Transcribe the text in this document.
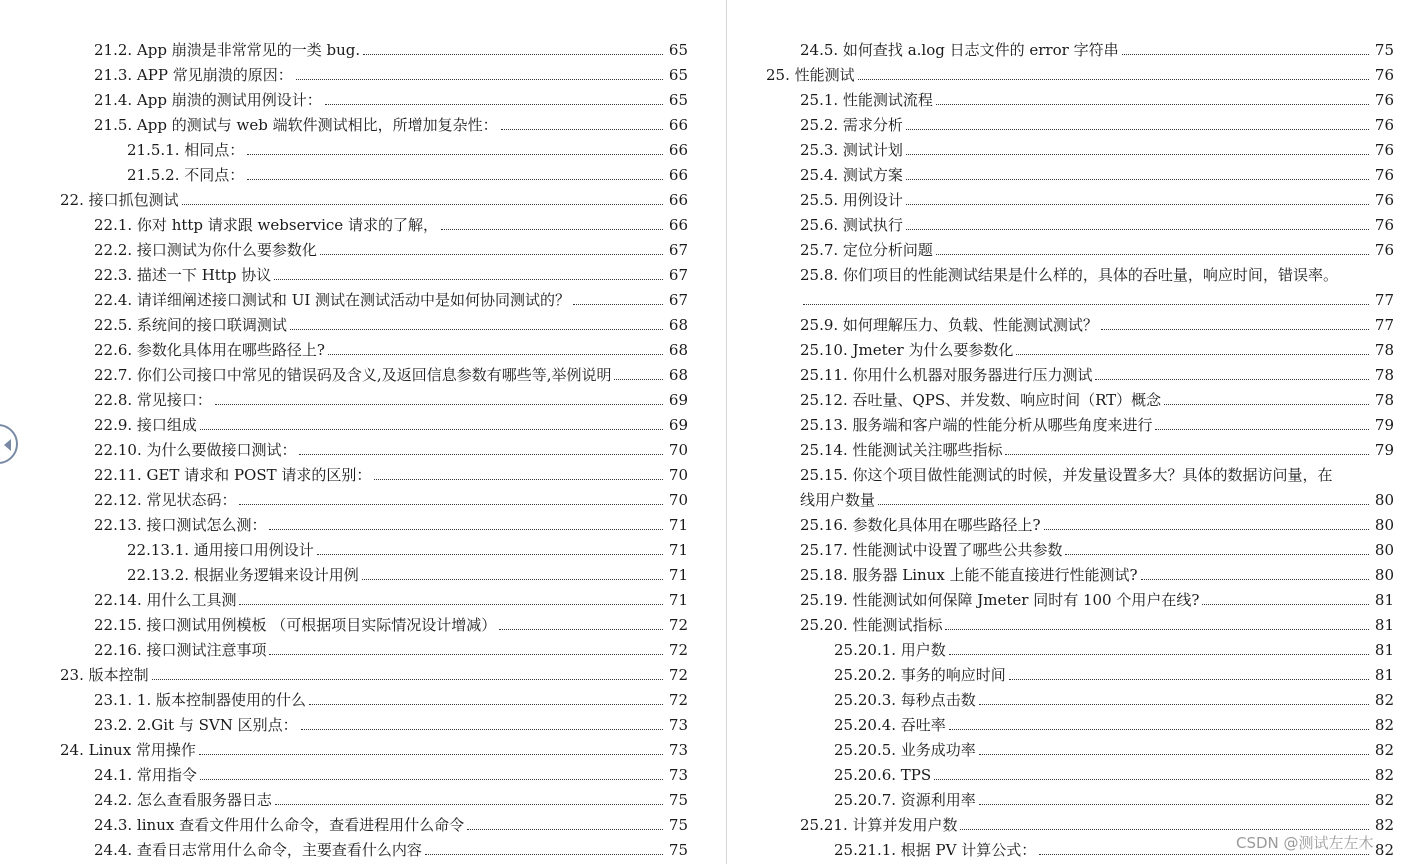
21.2. App 崩溃是非常常见的一类 bug.	65
21.3. APP 常见崩溃的原因：	65
21.4. App 崩溃的测试用例设计：	65
21.5. App 的测试与 web 端软件测试相比，所增加复杂性：	66
21.5.1. 相同点：	66
21.5.2. 不同点：	66
22. 接口抓包测试	66
22.1. 你对 http 请求跟 webservice 请求的了解，	66
22.2. 接口测试为你什么要参数化	67
22.3. 描述一下 Http 协议	67
22.4. 请详细阐述接口测试和 UI 测试在测试活动中是如何协同测试的？	67
22.5. 系统间的接口联调测试	68
22.6. 参数化具体用在哪些路径上?	68
22.7. 你们公司接口中常见的错误码及含义,及返回信息参数有哪些等,举例说明	68
22.8. 常见接口：	69
22.9. 接口组成	69
22.10. 为什么要做接口测试：	70
22.11. GET 请求和 POST 请求的区别：	70
22.12. 常见状态码：	70
22.13. 接口测试怎么测：	71
22.13.1. 通用接口用例设计	71
22.13.2. 根据业务逻辑来设计用例	71
22.14. 用什么工具测	71
22.15. 接口测试用例模板 （可根据项目实际情况设计增减）	72
22.16. 接口测试注意事项	72
23. 版本控制	72
23.1. 1. 版本控制器使用的什么	72
23.2. 2.Git 与 SVN 区别点：	73
24. Linux 常用操作	73
24.1. 常用指令	73
24.2. 怎么查看服务器日志	75
24.3. linux 查看文件用什么命令，查看进程用什么命令	75
24.4. 查看日志常用什么命令，主要查看什么内容	75
24.5. 如何查找 a.log 日志文件的 error 字符串	75
25. 性能测试	76
25.1. 性能测试流程	76
25.2. 需求分析	76
25.3. 测试计划	76
25.4. 测试方案	76
25.5. 用例设计	76
25.6. 测试执行	76
25.7. 定位分析问题	76
25.8. 你们项目的性能测试结果是什么样的，具体的吞吐量，响应时间，错误率。
77
25.9. 如何理解压力、负载、性能测试测试？	77
25.10. Jmeter 为什么要参数化	78
25.11. 你用什么机器对服务器进行压力测试	78
25.12. 吞吐量、QPS、并发数、响应时间（RT）概念	78
25.13. 服务端和客户端的性能分析从哪些角度来进行	79
25.14. 性能测试关注哪些指标	79
25.15. 你这个项目做性能测试的时候，并发量设置多大？具体的数据访问量，在
线用户数量	80
25.16. 参数化具体用在哪些路径上?	80
25.17. 性能测试中设置了哪些公共参数	80
25.18. 服务器 Linux 上能不能直接进行性能测试?	80
25.19. 性能测试如何保障 Jmeter 同时有 100 个用户在线?	81
25.20. 性能测试指标	81
25.20.1. 用户数	81
25.20.2. 事务的响应时间	81
25.20.3. 每秒点击数	82
25.20.4. 吞吐率	82
25.20.5. 业务成功率	82
25.20.6. TPS	82
25.20.7. 资源利用率	82
25.21. 计算并发用户数	82
25.21.1. 根据 PV 计算公式：	82
CSDN @测试左左木
